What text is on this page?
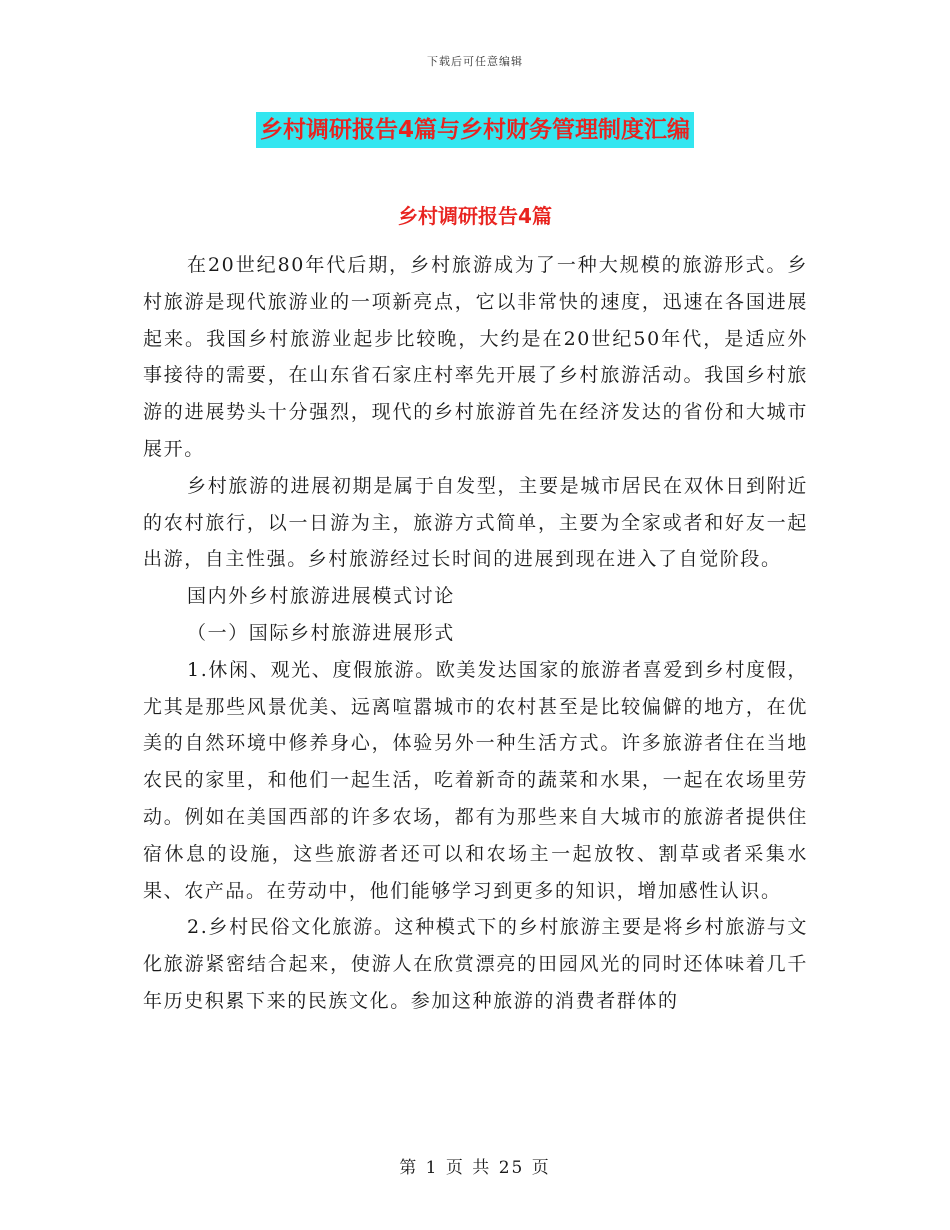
下载后可任意编辑
乡村调研报告4篇与乡村财务管理制度汇编
乡村调研报告4篇

在20世纪80年代后期，乡村旅游成为了一种大规模的旅游形式。乡村旅游是现代旅游业的一项新亮点，它以非常快的速度，迅速在各国进展起来。我国乡村旅游业起步比较晚，大约是在20世纪50年代，是适应外事接待的需要，在山东省石家庄村率先开展了乡村旅游活动。我国乡村旅游的进展势头十分强烈，现代的乡村旅游首先在经济发达的省份和大城市展开。

乡村旅游的进展初期是属于自发型，主要是城市居民在双休日到附近的农村旅行，以一日游为主，旅游方式简单，主要为全家或者和好友一起出游，自主性强。乡村旅游经过长时间的进展到现在进入了自觉阶段。

国内外乡村旅游进展模式讨论

（一）国际乡村旅游进展形式

1.休闲、观光、度假旅游。欧美发达国家的旅游者喜爱到乡村度假，尤其是那些风景优美、远离喧嚣城市的农村甚至是比较偏僻的地方，在优美的自然环境中修养身心，体验另外一种生活方式。许多旅游者住在当地农民的家里，和他们一起生活，吃着新奇的蔬菜和水果，一起在农场里劳动。例如在美国西部的许多农场，都有为那些来自大城市的旅游者提供住宿休息的设施，这些旅游者还可以和农场主一起放牧、割草或者采集水果、农产品。在劳动中，他们能够学习到更多的知识，增加感性认识。

2.乡村民俗文化旅游。这种模式下的乡村旅游主要是将乡村旅游与文化旅游紧密结合起来，使游人在欣赏漂亮的田园风光的同时还体味着几千年历史积累下来的民族文化。参加这种旅游的消费者群体的

第 1 页 共 25 页
